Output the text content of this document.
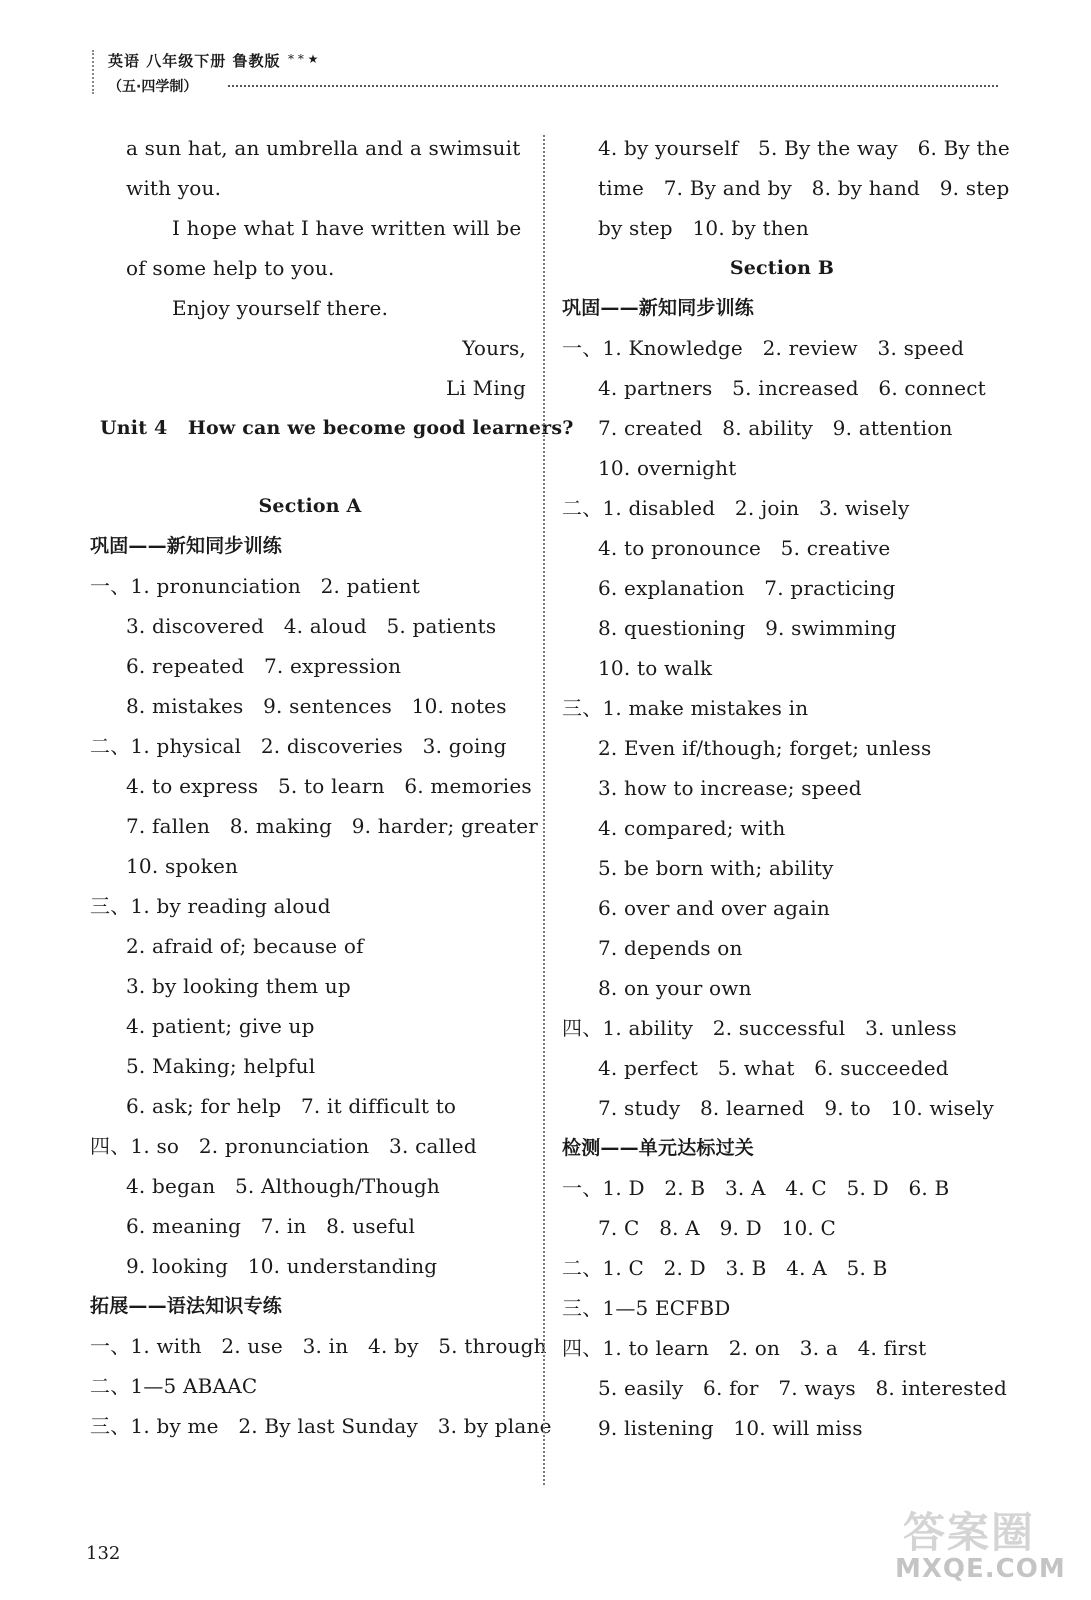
英语 八年级下册 鲁教版 * * ★
（五·四学制）
a sun hat, an umbrella and a swimsuit
with you.
I hope what I have written will be
of some help to you.
Enjoy yourself there.
Yours,
Li Ming
Unit 4   How can we become good learners?
Section A
巩固——新知同步训练
一、1. pronunciation   2. patient
3. discovered   4. aloud   5. patients
6. repeated   7. expression
8. mistakes   9. sentences   10. notes
二、1. physical   2. discoveries   3. going
4. to express   5. to learn   6. memories
7. fallen   8. making   9. harder; greater
10. spoken
三、1. by reading aloud
2. afraid of; because of
3. by looking them up
4. patient; give up
5. Making; helpful
6. ask; for help   7. it difficult to
四、1. so   2. pronunciation   3. called
4. began   5. Although/Though
6. meaning   7. in   8. useful
9. looking   10. understanding
拓展——语法知识专练
一、1. with   2. use   3. in   4. by   5. through
二、1—5 ABAAC
三、1. by me   2. By last Sunday   3. by plane
4. by yourself   5. By the way   6. By the
time   7. By and by   8. by hand   9. step
by step   10. by then
Section B
巩固——新知同步训练
一、1. Knowledge   2. review   3. speed
4. partners   5. increased   6. connect
7. created   8. ability   9. attention
10. overnight
二、1. disabled   2. join   3. wisely
4. to pronounce   5. creative
6. explanation   7. practicing
8. questioning   9. swimming
10. to walk
三、1. make mistakes in
2. Even if/though; forget; unless
3. how to increase; speed
4. compared; with
5. be born with; ability
6. over and over again
7. depends on
8. on your own
四、1. ability   2. successful   3. unless
4. perfect   5. what   6. succeeded
7. study   8. learned   9. to   10. wisely
检测——单元达标过关
一、1. D   2. B   3. A   4. C   5. D   6. B
7. C   8. A   9. D   10. C
二、1. C   2. D   3. B   4. A   5. B
三、1—5 ECFBD
四、1. to learn   2. on   3. a   4. first
5. easily   6. for   7. ways   8. interested
9. listening   10. will miss
132	答案圈
MXQE.COM
